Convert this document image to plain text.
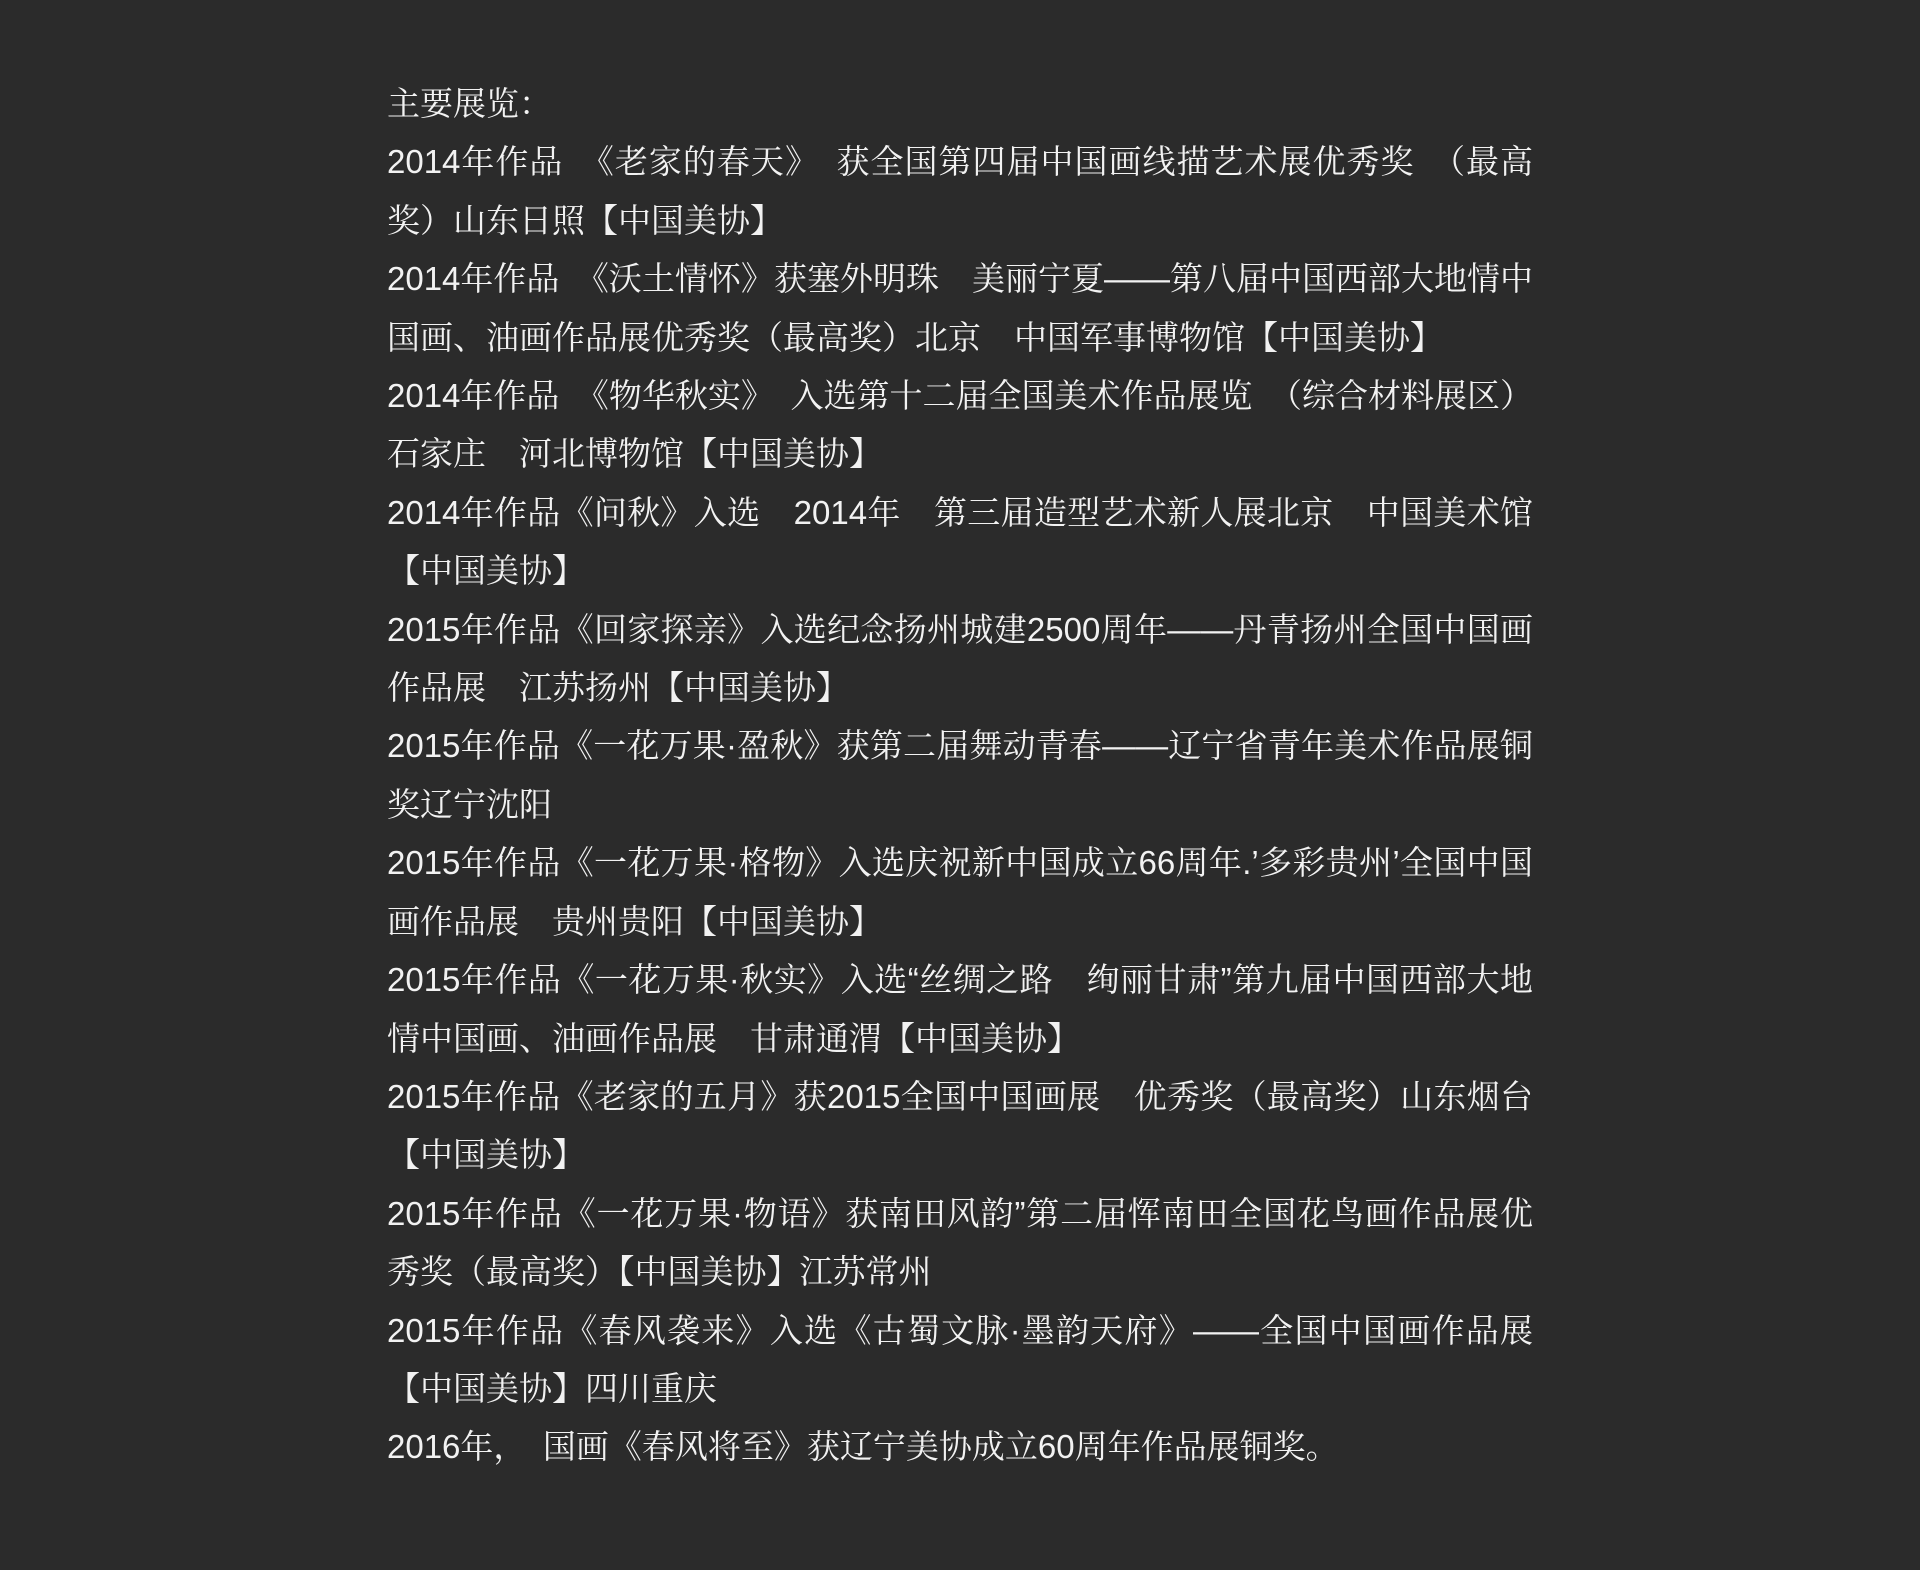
主要展览：

2014年作品　《老家的春天》　获全国第四届中国画线描艺术展优秀奖　（最高奖）山东日照【中国美协】

2014年作品　《沃土情怀》获塞外明珠　美丽宁夏——第八届中国西部大地情中国画、油画作品展优秀奖（最高奖）北京　中国军事博物馆【中国美协】

2014年作品　《物华秋实》　入选第十二届全国美术作品展览　（综合材料展区）石家庄　河北博物馆【中国美协】

2014年作品《问秋》入选　2014年　第三届造型艺术新人展北京　中国美术馆【中国美协】

2015年作品《回家探亲》入选纪念扬州城建2500周年——丹青扬州全国中国画作品展　江苏扬州【中国美协】

2015年作品《一花万果·盈秋》获第二届舞动青春——辽宁省青年美术作品展铜奖辽宁沈阳

2015年作品《一花万果·格物》入选庆祝新中国成立66周年.’多彩贵州’全国中国画作品展　贵州贵阳【中国美协】

2015年作品《一花万果·秋实》入选“丝绸之路　绚丽甘肃”第九届中国西部大地情中国画、油画作品展　甘肃通渭【中国美协】

2015年作品《老家的五月》获2015全国中国画展　优秀奖（最高奖）山东烟台【中国美协】

2015年作品《一花万果·物语》获南田风韵”第二届恽南田全国花鸟画作品展优秀奖（最高奖）【中国美协】江苏常州

2015年作品《春风袭来》入选《古蜀文脉·墨韵天府》——全国中国画作品展【中国美协】四川重庆

2016年，　国画《春风将至》获辽宁美协成立60周年作品展铜奖。
